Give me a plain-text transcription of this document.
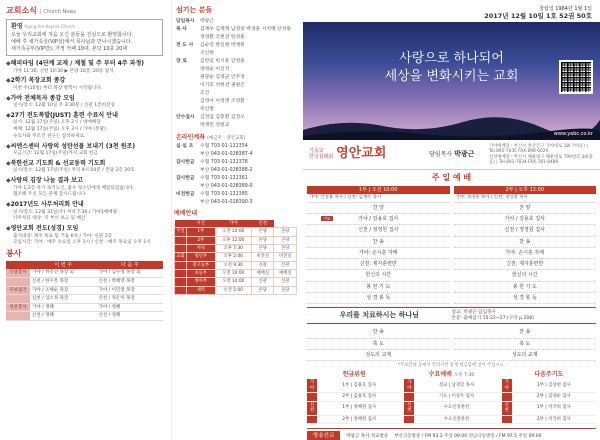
교회소식 | Church News
환영 Young-Am Baptist Church
오늘 우리교회에 처음 오신 분들을 진심으로 환영합니다.
예배 후 새가족실(VIP실)에서 목사님과 만나시겠습니다.
새가족공부(VIP반): 가정 카페 10대, 본당 10층 20대
◆ 해피타임 (4단계 교재 / 제철 및 주 부터 4주 과정)
가야 11:30, 신천 10:30 ▶ 본당 10층, 20층 참석
◆ 2학기 목장교회 종강
이번 주(10일) 부터 목장 방학이 시작됩니다.
◆ 가야 전체목자 종강 모임
일시/장소: 12월 10일 주 3:30분 / 신관 1층비전실
◆ 27기 전도폭발(JUST) 훈련 수료식 안내
일시: 12월 17일(주일) 오후 2시 / 대예배당
예배: 12월 17일(주일) 오후 3시 / 가야 (본당)
수료자와 무조건 친구는 참석하세요.
◆ 씨엔스센터 사랑의 성탄선물 보내기 (3천 원조)
모금기간: 12월 17일(주일)까지 교회 헌금
◆ 북한선교 기도회 & 선교동력 기도회
일시/장소: 12월 17일(주일) 저녁 9시 50분 / 본당 2층 20호
◆ 사랑의 김장 나눔 결과 보고
가야 1,2층 자가 독거노인, 불우 청소년에게 배달되었습니다.
협조해 주신 모든 분께 감사드립니다.
◆ 2017년도 사무처리회 안내
일시/장소: 12월 31일(주) 저녁 7:30 / 가야1예배당
사무처리 대상: 각 부서 보고 및 예산
◆ 영안교회 전도(성경) 모임
출석대상: 제주 흑표 팀 거듭 6차 / 가야: 신관 2층
모임시간: 가야 - 매주 수요일 오후 1시 / 신천 - 매주 목요일 오후 1시
봉사
	이 번 주	다 음 주
식당봉사	가야 / 허흥선 목장 외	가야 / 김수정 목장 외
	신천 / 한수옥 목장	신천 / 박혜영 목장
주보접기	가야 / 조해순 목장	가야 / 이민영 목장
	신천 / 임소정 목장	신천 / 정은미 목장
성찬봉사	가야 / 정혜	가야 / 정혜
	신천 / 정혜	신천 / 정혜
섬기는 분들
담임목사	박광근
목 사	김재우 김재혁 남경일 박경훈 서치명 안성용
정영환 조현선 한경훈
전 도 사	김순연 박신현 박재원
조인현
장 로	김만길 빅시훈 안경용
양경순 이신석
권달순 김경군 안주성
이기호 석현선 권평곤
조진
김영아 이정명 조영환
주인철
안수집사	김정업 김충환 김정오
박재민 정원교
온라인계좌 (예금주 : 영안교회)
십 일 조	수협 703-01-131354
부산 043-01-028387-4
감사헌금	수협 703-01-131378
부산 043-01-028388-2
감사헌금	수협 703-01-131361
부산 043-01-028389-0
비전헌금	수협 703-01-131385
부산 043-01-028390-3
예배안내
	시간	가야	신천	
주일	1부	오전 10:00	본당	본당
	2부	오후 12:00	본당	본당
	저녁	오후 7:30	본당	본당
교회	청년부	오후 2:00	비전실	비전실
	중고등부	오전 9:30	신관	신관
	초등부	오전 10:00	예배실	예배실
	영아부	오전 10:00	신관	신관
	새벽	오전 5:00	본당	본당
창립일 1964년 1월 1일
2017년 12월 10일 1호 52권 50호
사랑으로 하나되어
세상을 변화시키는 교회
www.yabc.co.kr
기독교
한국침례회 영안교회	담임목사 박광근
가야예배당 : 부산시 부산진구 가야대로 18(가야동) | Tel.891-7035 FAX.898-6029
신천예배당 : 부산시 해운대구 해운대로 709번길 34(중동) | Tel.891-7034 FAX.781-0489
주 일 예 배
1부 | 오전 10:00
가야: 안성용 목사 / 신천: 김재우 목사
찬 양
기도	가야 / 김용호 집사
신천 / 정정원 집사
찬 송
가야: 손시훈 자매
신천: 제자훈련반
헌신의 시간
봉 헌 기 도
성 경 봉 독
2부 | 오후 12:00
가야: 정경훈 목사 / 신천: 정일환 목사
찬 양
가야 / 김용호 집사
신천 / 정정원 집사
찬 송
가야: 손시훈 자매
신천: 제자훈련반
헌신의 시간
봉 헌 기 도
성 경 봉 독
우리를 치료하시는 하나님	설교: 박광근 담임목사
본문: 출애굽기 15:22~27 (구약 p.108)
찬 송
축 도
성도의 교제
찬 송
축 도
성도의 교제
*주보안내 등에서 알리시면 좋게 헌금함에 넣어 주십시오.
헌금위원
가야	1부 | 김용호 집사
	2부 | 김용호 집사
신천	1부 | 정혜원 집사
	2부 | 정혜원 집사
수요예배 오후 7:30
가야	설교 | 남경일 목사
	기도 | 이상우 집사
신천	수요신앙훈련
	수요신앙훈련
다음주기도
가야	1부 | 김상현 집사
	2부 | 김양순 집사
신천	1부 | 서국희 집사
	2부 | 서국희 집사
방송선교	박광근 목사 설교방송	부산극동방송 / FM 93.3 주일 09:00 전남극동방송 / FM 97.5 주일 09:00
